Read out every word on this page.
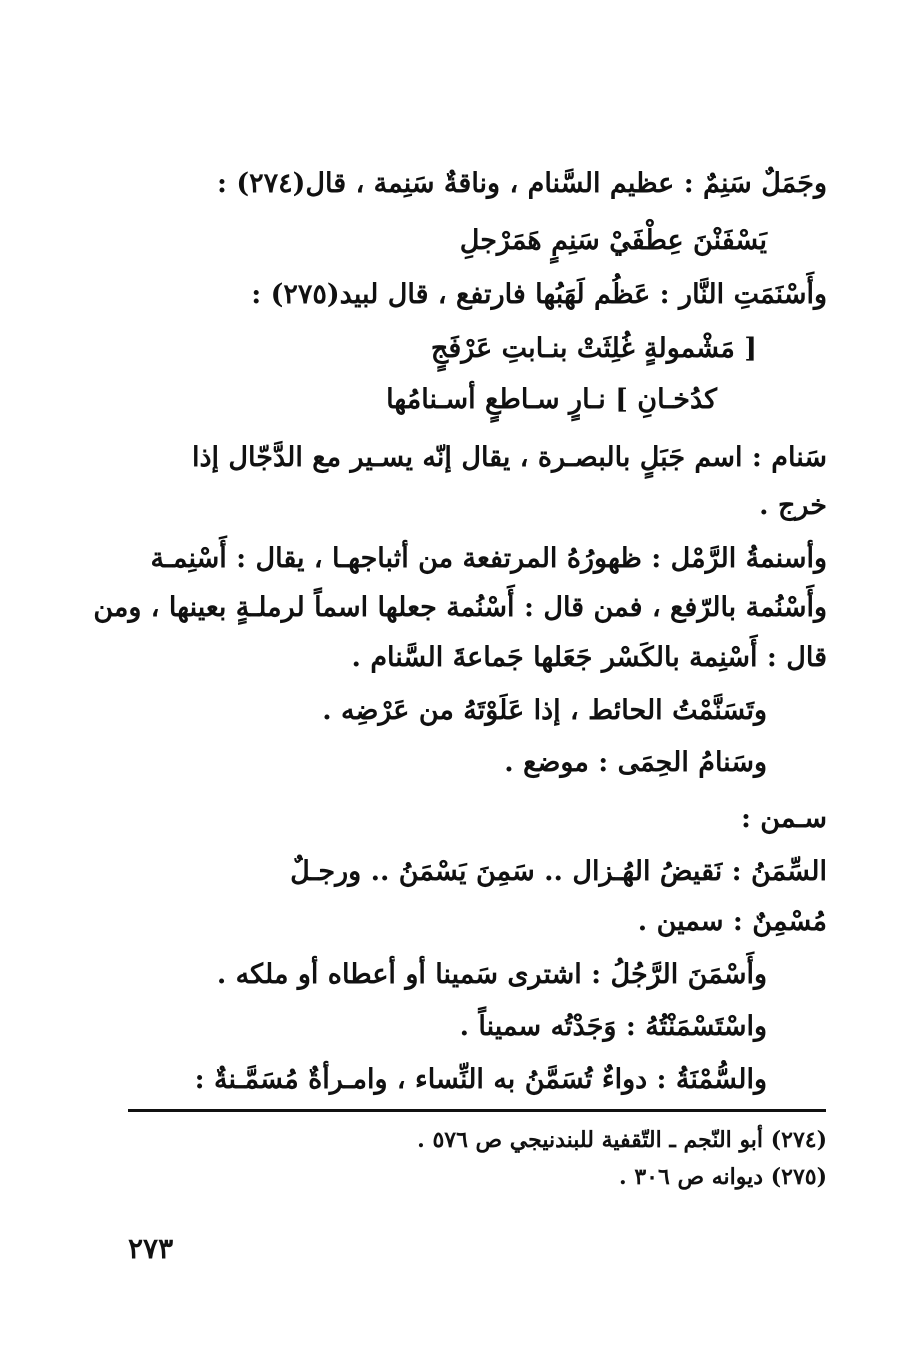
وجَمَلٌ سَنِمٌ : عظيم السَّنام ، وناقةٌ سَنِمة ، قال(٢٧٤) :
يَسْفَنْنَ عِطْفَيْ سَنِمٍ هَمَرْجلِ
وأَسْنَمَتِ النَّار : عَظُم لَهَبُها فارتفع ، قال لبيد(٢٧٥) :
[ مَشْمولةٍ غُلِثَتْ بنـابتِ عَرْفَجٍ
كدُخـانِ ] نـارٍ سـاطعٍ أسـنامُها
سَنام : اسم جَبَلٍ بالبصـرة ، يقال إنّه يسـير مع الدَّجّال إذا
خرج .
وأسنمةُ الرَّمْل : ظهورُهُ المرتفعة من أثباجهـا ، يقال : أَسْنِمـة
وأَسْنُمة بالرّفع ، فمن قال : أَسْنُمة جعلها اسماً لرملـةٍ بعينها ، ومن
قال : أَسْنِمة بالكَسْر جَعَلها جَماعةَ السَّنام .
وتَسَنَّمْتُ الحائط ، إذا عَلَوْتَهُ من عَرْضِه .
وسَنامُ الحِمَى : موضع .
سـمن :
السِّمَنُ : نَقيضُ الهُـزال .. سَمِنَ يَسْمَنُ .. ورجـلٌ
مُسْمِنٌ : سمين .
وأَسْمَنَ الرَّجُلُ : اشترى سَمينا أو أعطاه أو ملكه .
واسْتَسْمَنْتُهُ : وَجَدْتُه سميناً .
والسُّمْنَةُ : دواءٌ تُسَمَّنُ به النِّساء ، وامـرأةٌ مُسَمَّـنةٌ :
(٢٧٤) أبو النّجم ـ التّقفية للبندنيجي ص ٥٧٦ .
(٢٧٥) ديوانه ص ٣٠٦ .
٢٧٣
